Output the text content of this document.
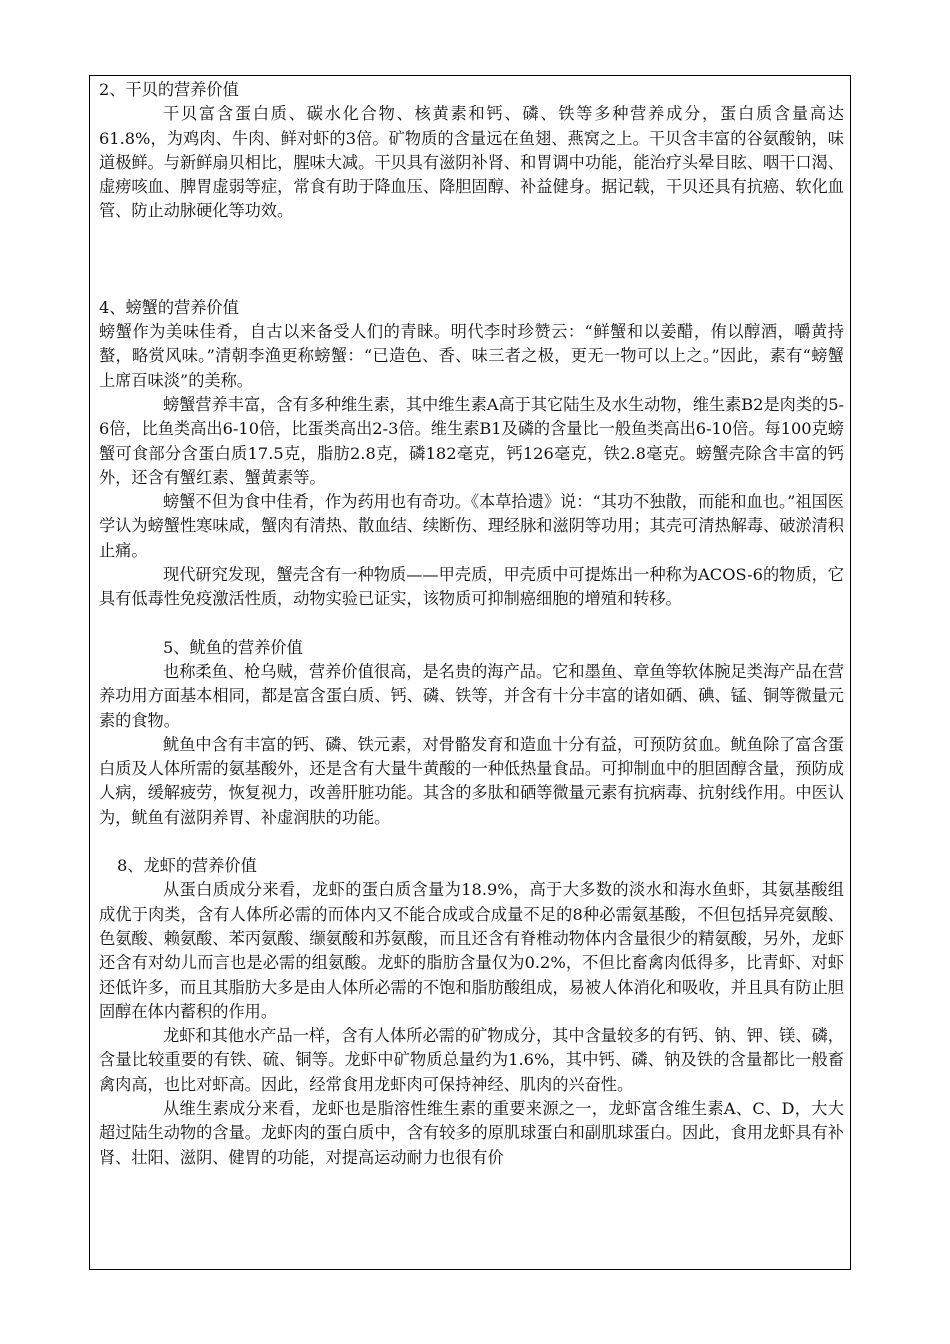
2、干贝的营养价值

干贝富含蛋白质、碳水化合物、核黄素和钙、磷、铁等多种营养成分，蛋白质含量高达61.8%，为鸡肉、牛肉、鲜对虾的3倍。矿物质的含量远在鱼翅、燕窝之上。干贝含丰富的谷氨酸钠，味道极鲜。与新鲜扇贝相比，腥味大减。干贝具有滋阴补肾、和胃调中功能，能治疗头晕目眩、咽干口渴、虚痨咳血、脾胃虚弱等症，常食有助于降血压、降胆固醇、补益健身。据记载，干贝还具有抗癌、软化血管、防止动脉硬化等功效。

4、螃蟹的营养价值

螃蟹作为美味佳肴，自古以来备受人们的青睐。明代李时珍赞云：“鲜蟹和以姜醋，侑以醇酒，嚼黄持螯，略赏风味。”清朝李渔更称螃蟹：“已造色、香、味三者之极，更无一物可以上之。”因此，素有“螃蟹上席百味淡”的美称。

螃蟹营养丰富，含有多种维生素，其中维生素A高于其它陆生及水生动物，维生素B2是肉类的5-6倍，比鱼类高出6-10倍，比蛋类高出2-3倍。维生素B1及磷的含量比一般鱼类高出6-10倍。每100克螃蟹可食部分含蛋白质17.5克，脂肪2.8克，磷182毫克，钙126毫克，铁2.8毫克。螃蟹壳除含丰富的钙外，还含有蟹红素、蟹黄素等。

螃蟹不但为食中佳肴，作为药用也有奇功。《本草拾遗》说：“其功不独散，而能和血也。”祖国医学认为螃蟹性寒味咸，蟹肉有清热、散血结、续断伤、理经脉和滋阴等功用；其壳可清热解毒、破淤清积止痛。

现代研究发现，蟹壳含有一种物质——甲壳质，甲壳质中可提炼出一种称为ACOS-6的物质，它具有低毒性免疫激活性质，动物实验已证实，该物质可抑制癌细胞的增殖和转移。

5、鱿鱼的营养价值

也称柔鱼、枪乌贼，营养价值很高，是名贵的海产品。它和墨鱼、章鱼等软体腕足类海产品在营养功用方面基本相同，都是富含蛋白质、钙、磷、铁等，并含有十分丰富的诸如硒、碘、锰、铜等微量元素的食物。

鱿鱼中含有丰富的钙、磷、铁元素，对骨骼发育和造血十分有益，可预防贫血。鱿鱼除了富含蛋白质及人体所需的氨基酸外，还是含有大量牛黄酸的一种低热量食品。可抑制血中的胆固醇含量，预防成人病，缓解疲劳，恢复视力，改善肝脏功能。其含的多肽和硒等微量元素有抗病毒、抗射线作用。中医认为，鱿鱼有滋阴养胃、补虚润肤的功能。

8、龙虾的营养价值

从蛋白质成分来看，龙虾的蛋白质含量为18.9%，高于大多数的淡水和海水鱼虾，其氨基酸组成优于肉类，含有人体所必需的而体内又不能合成或合成量不足的8种必需氨基酸，不但包括异亮氨酸、色氨酸、赖氨酸、苯丙氨酸、缬氨酸和苏氨酸，而且还含有脊椎动物体内含量很少的精氨酸，另外，龙虾还含有对幼儿而言也是必需的组氨酸。龙虾的脂肪含量仅为0.2%，不但比畜禽肉低得多，比青虾、对虾还低许多，而且其脂肪大多是由人体所必需的不饱和脂肪酸组成，易被人体消化和吸收，并且具有防止胆固醇在体内蓄积的作用。

龙虾和其他水产品一样，含有人体所必需的矿物成分，其中含量较多的有钙、钠、钾、镁、磷，含量比较重要的有铁、硫、铜等。龙虾中矿物质总量约为1.6%，其中钙、磷、钠及铁的含量都比一般畜禽肉高，也比对虾高。因此，经常食用龙虾肉可保持神经、肌肉的兴奋性。

从维生素成分来看，龙虾也是脂溶性维生素的重要来源之一，龙虾富含维生素A、C、D，大大超过陆生动物的含量。龙虾肉的蛋白质中，含有较多的原肌球蛋白和副肌球蛋白。因此，食用龙虾具有补肾、壮阳、滋阴、健胃的功能，对提高运动耐力也很有价
